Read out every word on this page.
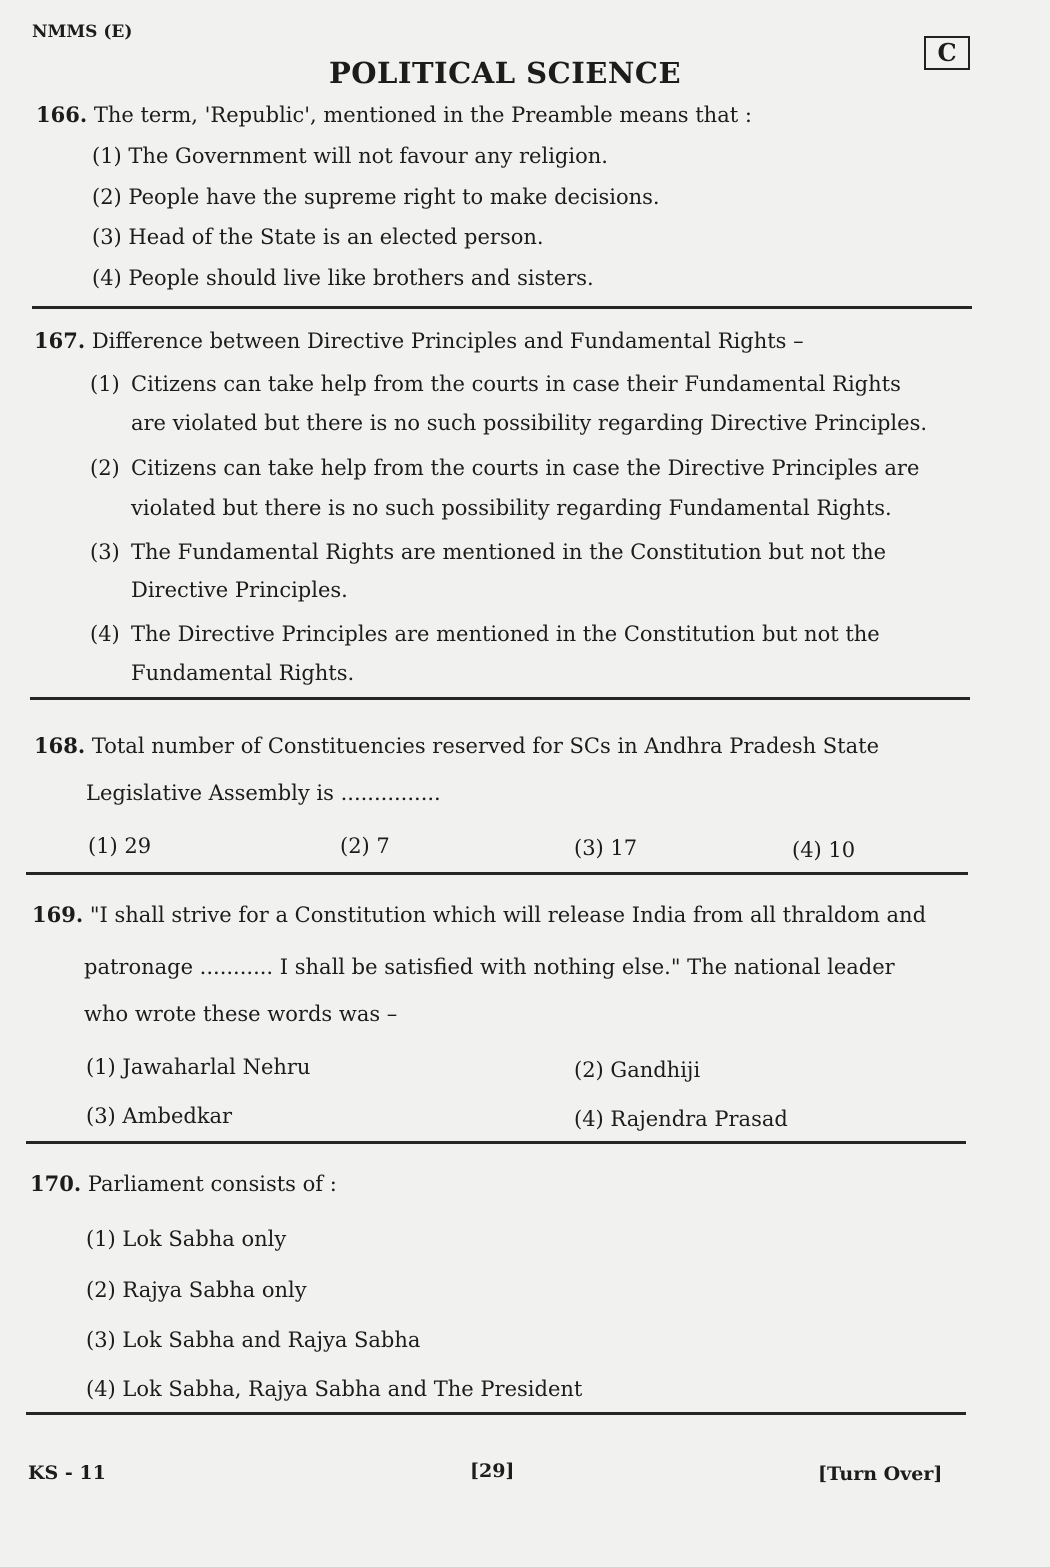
NMMS (E)
C
POLITICAL SCIENCE
166. The term, 'Republic', mentioned in the Preamble means that :
(1) The Government will not favour any religion.
(2) People have the supreme right to make decisions.
(3) Head of the State is an elected person.
(4) People should live like brothers and sisters.
167. Difference between Directive Principles and Fundamental Rights –
(1) Citizens can take help from the courts in case their Fundamental Rights
are violated but there is no such possibility regarding Directive Principles.
(2) Citizens can take help from the courts in case the Directive Principles are
violated but there is no such possibility regarding Fundamental Rights.
(3) The Fundamental Rights are mentioned in the Constitution but not the
Directive Principles.
(4) The Directive Principles are mentioned in the Constitution but not the
Fundamental Rights.
168. Total number of Constituencies reserved for SCs in Andhra Pradesh State
Legislative Assembly is ...............
(1) 29	(2) 7	(3) 17	(4) 10
169. "I shall strive for a Constitution which will release India from all thraldom and
patronage ........... I shall be satisfied with nothing else." The national leader
who wrote these words was –
(1) Jawaharlal Nehru	(2) Gandhiji
(3) Ambedkar	(4) Rajendra Prasad
170. Parliament consists of :
(1) Lok Sabha only
(2) Rajya Sabha only
(3) Lok Sabha and Rajya Sabha
(4) Lok Sabha, Rajya Sabha and The President
KS - 11	[29]	[Turn Over]
